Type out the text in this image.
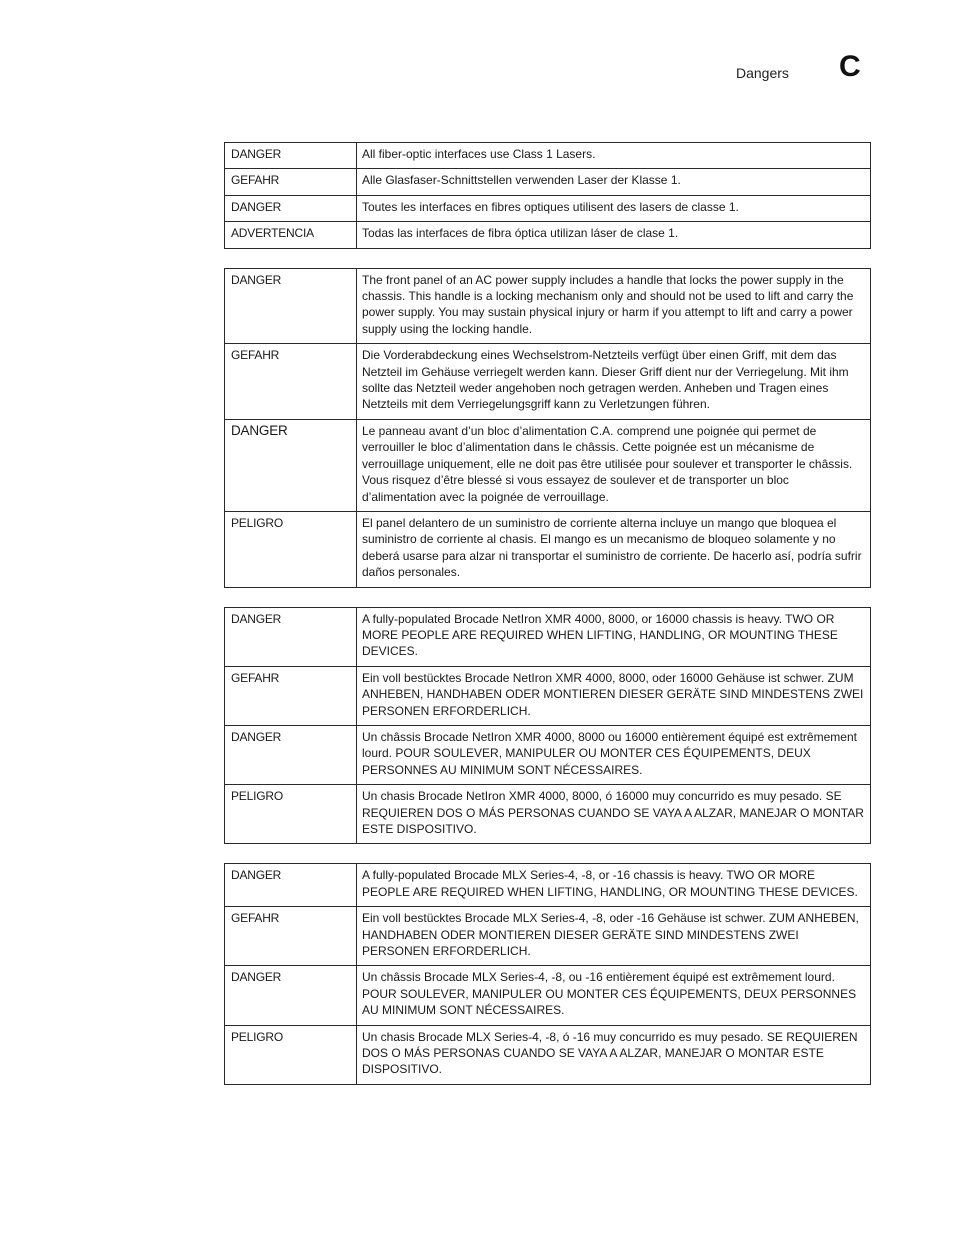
Dangers C
DANGER	All fiber-optic interfaces use Class 1 Lasers.
GEFAHR	Alle Glasfaser-Schnittstellen verwenden Laser der Klasse 1.
DANGER	Toutes les interfaces en fibres optiques utilisent des lasers de classe 1.
ADVERTENCIA	Todas las interfaces de fibra óptica utilizan láser de clase 1.
DANGER	The front panel of an AC power supply includes a handle that locks the power supply in the chassis. This handle is a locking mechanism only and should not be used to lift and carry the power supply. You may sustain physical injury or harm if you attempt to lift and carry a power supply using the locking handle.
GEFAHR	Die Vorderabdeckung eines Wechselstrom-Netzteils verfügt über einen Griff, mit dem das Netzteil im Gehäuse verriegelt werden kann. Dieser Griff dient nur der Verriegelung. Mit ihm sollte das Netzteil weder angehoben noch getragen werden. Anheben und Tragen eines Netzteils mit dem Verriegelungsgriff kann zu Verletzungen führen.
DANGER	Le panneau avant d’un bloc d’alimentation C.A. comprend une poignée qui permet de verrouiller le bloc d’alimentation dans le châssis. Cette poignée est un mécanisme de verrouillage uniquement, elle ne doit pas être utilisée pour soulever et transporter le châssis. Vous risquez d’être blessé si vous essayez de soulever et de transporter un bloc d’alimentation avec la poignée de verrouillage.
PELIGRO	El panel delantero de un suministro de corriente alterna incluye un mango que bloquea el suministro de corriente al chasis. El mango es un mecanismo de bloqueo solamente y no deberá usarse para alzar ni transportar el suministro de corriente. De hacerlo así, podría sufrir daños personales.
DANGER	A fully-populated Brocade NetIron XMR 4000, 8000, or 16000 chassis is heavy. TWO OR MORE PEOPLE ARE REQUIRED WHEN LIFTING, HANDLING, OR MOUNTING THESE DEVICES.
GEFAHR	Ein voll bestücktes Brocade NetIron XMR 4000, 8000, oder 16000 Gehäuse ist schwer. ZUM ANHEBEN, HANDHABEN ODER MONTIEREN DIESER GERÄTE SIND MINDESTENS ZWEI PERSONEN ERFORDERLICH.
DANGER	Un châssis Brocade NetIron XMR 4000, 8000 ou 16000 entièrement équipé est extrêmement lourd. POUR SOULEVER, MANIPULER OU MONTER CES ÉQUIPEMENTS, DEUX PERSONNES AU MINIMUM SONT NÉCESSAIRES.
PELIGRO	Un chasis Brocade NetIron XMR 4000, 8000, ó 16000 muy concurrido es muy pesado. SE REQUIEREN DOS O MÁS PERSONAS CUANDO SE VAYA A ALZAR, MANEJAR O MONTAR ESTE DISPOSITIVO.
DANGER	A fully-populated Brocade MLX Series-4, -8, or -16 chassis is heavy. TWO OR MORE PEOPLE ARE REQUIRED WHEN LIFTING, HANDLING, OR MOUNTING THESE DEVICES.
GEFAHR	Ein voll bestücktes Brocade MLX Series-4, -8, oder -16 Gehäuse ist schwer. ZUM ANHEBEN, HANDHABEN ODER MONTIEREN DIESER GERÄTE SIND MINDESTENS ZWEI PERSONEN ERFORDERLICH.
DANGER	Un châssis Brocade MLX Series-4, -8, ou -16 entièrement équipé est extrêmement lourd. POUR SOULEVER, MANIPULER OU MONTER CES ÉQUIPEMENTS, DEUX PERSONNES AU MINIMUM SONT NÉCESSAIRES.
PELIGRO	Un chasis Brocade MLX Series-4, -8, ó -16 muy concurrido es muy pesado. SE REQUIEREN DOS O MÁS PERSONAS CUANDO SE VAYA A ALZAR, MANEJAR O MONTAR ESTE DISPOSITIVO.
